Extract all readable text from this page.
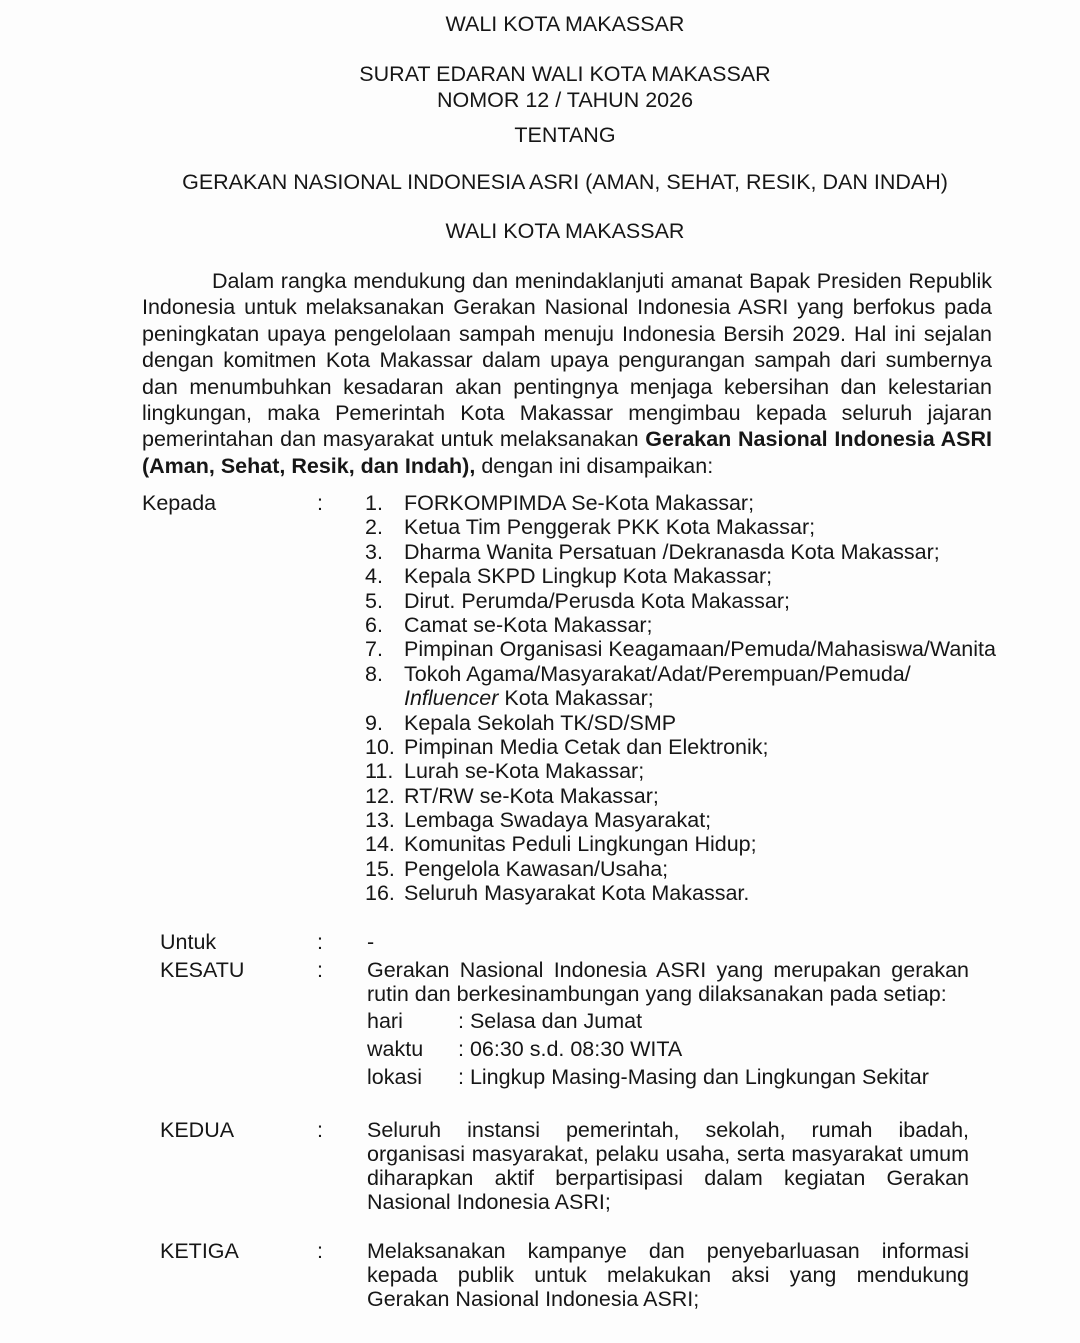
WALI KOTA MAKASSAR
SURAT EDARAN WALI KOTA MAKASSAR
NOMOR 12 / TAHUN 2026
TENTANG
GERAKAN NASIONAL INDONESIA ASRI (AMAN, SEHAT, RESIK, DAN INDAH)
WALI KOTA MAKASSAR
Dalam rangka mendukung dan menindaklanjuti amanat Bapak Presiden Republik Indonesia untuk melaksanakan Gerakan Nasional Indonesia ASRI yang berfokus pada peningkatan upaya pengelolaan sampah menuju Indonesia Bersih 2029. Hal ini sejalan dengan komitmen Kota Makassar dalam upaya pengurangan sampah dari sumbernya dan menumbuhkan kesadaran akan pentingnya menjaga kebersihan dan kelestarian lingkungan, maka Pemerintah Kota Makassar mengimbau kepada seluruh jajaran pemerintahan dan masyarakat untuk melaksanakan Gerakan Nasional Indonesia ASRI (Aman, Sehat, Resik, dan Indah), dengan ini disampaikan:
Kepada	: 1. FORKOMPIMDA Se-Kota Makassar;
2. Ketua Tim Penggerak PKK Kota Makassar;
3. Dharma Wanita Persatuan /Dekranasda Kota Makassar;
4. Kepala SKPD Lingkup Kota Makassar;
5. Dirut. Perumda/Perusda Kota Makassar;
6. Camat se-Kota Makassar;
7. Pimpinan Organisasi Keagamaan/Pemuda/Mahasiswa/Wanita
8. Tokoh Agama/Masyarakat/Adat/Perempuan/Pemuda/
Influencer Kota Makassar;
9. Kepala Sekolah TK/SD/SMP
10. Pimpinan Media Cetak dan Elektronik;
11. Lurah se-Kota Makassar;
12. RT/RW se-Kota Makassar;
13. Lembaga Swadaya Masyarakat;
14. Komunitas Peduli Lingkungan Hidup;
15. Pengelola Kawasan/Usaha;
16. Seluruh Masyarakat Kota Makassar.
Untuk	: -
KESATU	: Gerakan Nasional Indonesia ASRI yang merupakan gerakan rutin dan berkesinambungan yang dilaksanakan pada setiap:
hari	: Selasa dan Jumat
waktu : 06:30 s.d. 08:30 WITA
lokasi : Lingkup Masing-Masing dan Lingkungan Sekitar
KEDUA	: Seluruh instansi pemerintah, sekolah, rumah ibadah, organisasi masyarakat, pelaku usaha, serta masyarakat umum diharapkan aktif berpartisipasi dalam kegiatan Gerakan Nasional Indonesia ASRI;
KETIGA	: Melaksanakan kampanye dan penyebarluasan informasi kepada publik untuk melakukan aksi yang mendukung Gerakan Nasional Indonesia ASRI;
